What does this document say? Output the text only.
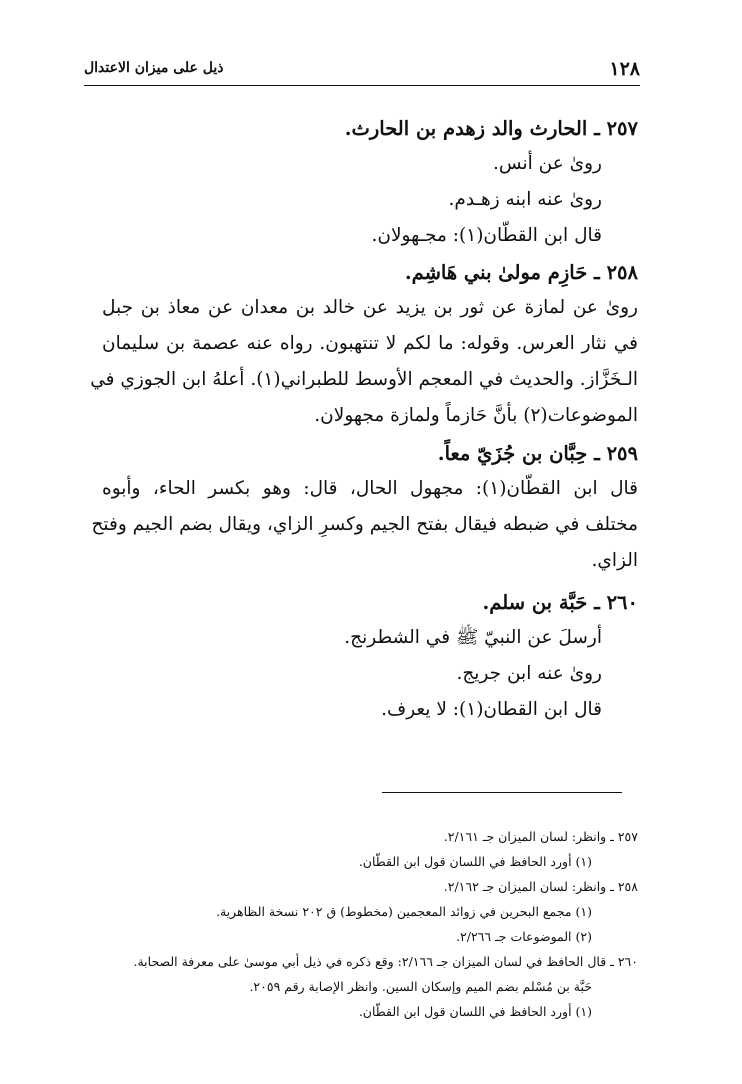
١٢٨
ذيل على ميزان الاعتدال
٢٥٧ ـ الحارث والد زهدم بن الحارث.
روىٰ عن أنس.
روىٰ عنه ابنه زهـدم.
قال ابن القطّان(١): مجـهولان.
٢٥٨ ـ حَازِم مولىٰ بني هَاشِم.
روىٰ عن لمازة عن ثور بن يزيد عن خالد بن معدان عن معاذ بن جبل
في نثار العرس. وقوله: ما لكم لا تنتهبون. رواه عنه عصمة بن سليمان
الـخَزَّاز. والحديث في المعجم الأوسط للطبراني(١). أعلهُ ابن الجوزي في
الموضوعات(٢) بأنَّ حَازماً ولمازة مجهولان.
٢٥٩ ـ حِبَّان بن جُزَيّ معاً.
قال ابن القطّان(١): مجهول الحال، قال: وهو بكسر الحاء، وأبوه
مختلف في ضبطه فيقال بفتح الجيم وكسرِ الزاي، ويقال بضم الجيم وفتح
الزاي.
٢٦٠ ـ حَبَّة بن سلم.
أرسلَ عن النبيّ ﷺ في الشطرنج.
روىٰ عنه ابن جريج.
قال ابن القطان(١): لا يعرف.
٢٥٧ ـ وانظر: لسان الميزان جـ ٢/١٦١.
(١) أورد الحافظ في اللسان قول ابن القطّان.
٢٥٨ ـ وانظر: لسان الميزان جـ ٢/١٦٢.
(١) مجمع البحرين في زوائد المعجمين (مخطوط) ق ٢٠٢ نسخة الظاهرية.
(٢) الموضوعات جـ ٢/٢٦٦.
٢٦٠ ـ قال الحافظ في لسان الميزان جـ ٢/١٦٦: وقع ذكره في ذيل أبي موسىٰ على معرفة الصحابة.
حَبَّة بن مُسْلم بضم الميم وإسكان السين. وانظر الإصابة رقم ٢٠٥٩.
(١) أورد الحافظ في اللسان قول ابن القطّان.
